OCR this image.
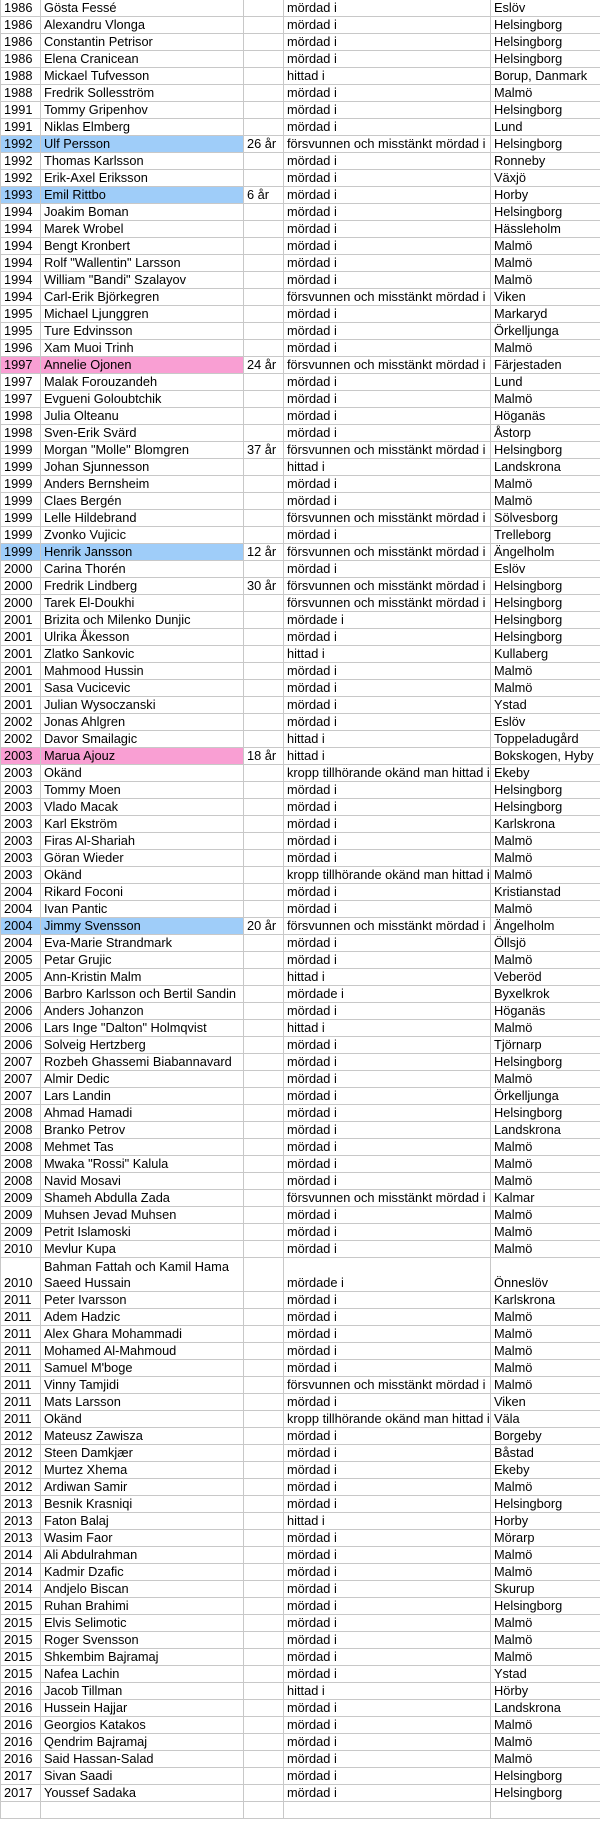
1986	Gösta Fessé		mördad i	Eslöv
1986	Alexandru Vlonga		mördad i	Helsingborg
1986	Constantin Petrisor		mördad i	Helsingborg
1986	Elena Cranicean		mördad i	Helsingborg
1988	Mickael Tufvesson		hittad i	Borup, Danmark
1988	Fredrik Sollesström		mördad i	Malmö
1991	Tommy Gripenhov		mördad i	Helsingborg
1991	Niklas Elmberg		mördad i	Lund
1992	Ulf Persson	26 år	försvunnen och misstänkt mördad i	Helsingborg
1992	Thomas Karlsson		mördad i	Ronneby
1992	Erik-Axel Eriksson		mördad i	Växjö
1993	Emil Rittbo	6 år	mördad i	Horby
1994	Joakim Boman		mördad i	Helsingborg
1994	Marek Wrobel		mördad i	Hässleholm
1994	Bengt Kronbert		mördad i	Malmö
1994	Rolf "Wallentin" Larsson		mördad i	Malmö
1994	William "Bandi" Szalayov		mördad i	Malmö
1994	Carl-Erik Björkegren		försvunnen och misstänkt mördad i	Viken
1995	Michael Ljunggren		mördad i	Markaryd
1995	Ture Edvinsson		mördad i	Örkelljunga
1996	Xam Muoi Trinh		mördad i	Malmö
1997	Annelie Ojonen	24 år	försvunnen och misstänkt mördad i	Färjestaden
1997	Malak Forouzandeh		mördad i	Lund
1997	Evgueni Goloubtchik		mördad i	Malmö
1998	Julia Olteanu		mördad i	Höganäs
1998	Sven-Erik Svärd		mördad i	Åstorp
1999	Morgan "Molle" Blomgren	37 år	försvunnen och misstänkt mördad i	Helsingborg
1999	Johan Sjunnesson		hittad i	Landskrona
1999	Anders Bernsheim		mördad i	Malmö
1999	Claes Bergén		mördad i	Malmö
1999	Lelle Hildebrand		försvunnen och misstänkt mördad i	Sölvesborg
1999	Zvonko Vujicic		mördad i	Trelleborg
1999	Henrik Jansson	12 år	försvunnen och misstänkt mördad i	Ängelholm
2000	Carina Thorén		mördad i	Eslöv
2000	Fredrik Lindberg	30 år	försvunnen och misstänkt mördad i	Helsingborg
2000	Tarek El-Doukhi		försvunnen och misstänkt mördad i	Helsingborg
2001	Brizita och Milenko Dunjic		mördade i	Helsingborg
2001	Ulrika Åkesson		mördad i	Helsingborg
2001	Zlatko Sankovic		hittad i	Kullaberg
2001	Mahmood Hussin		mördad i	Malmö
2001	Sasa Vucicevic		mördad i	Malmö
2001	Julian Wysoczanski		mördad i	Ystad
2002	Jonas Ahlgren		mördad i	Eslöv
2002	Davor Smailagic		hittad i	Toppeladugård
2003	Marua Ajouz	18 år	hittad i	Bokskogen, Hyby
2003	Okänd		kropp tillhörande okänd man hittad i	Ekeby
2003	Tommy Moen		mördad i	Helsingborg
2003	Vlado Macak		mördad i	Helsingborg
2003	Karl Ekström		mördad i	Karlskrona
2003	Firas Al-Shariah		mördad i	Malmö
2003	Göran Wieder		mördad i	Malmö
2003	Okänd		kropp tillhörande okänd man hittad i	Malmö
2004	Rikard Foconi		mördad i	Kristianstad
2004	Ivan Pantic		mördad i	Malmö
2004	Jimmy Svensson	20 år	försvunnen och misstänkt mördad i	Ängelholm
2004	Eva-Marie Strandmark		mördad i	Öllsjö
2005	Petar Grujic		mördad i	Malmö
2005	Ann-Kristin Malm		hittad i	Veberöd
2006	Barbro Karlsson och Bertil Sandin		mördade i	Byxelkrok
2006	Anders Johanzon		mördad i	Höganäs
2006	Lars Inge "Dalton" Holmqvist		hittad i	Malmö
2006	Solveig Hertzberg		mördad i	Tjörnarp
2007	Rozbeh Ghassemi Biabannavard		mördad i	Helsingborg
2007	Almir Dedic		mördad i	Malmö
2007	Lars Landin		mördad i	Örkelljunga
2008	Ahmad Hamadi		mördad i	Helsingborg
2008	Branko Petrov		mördad i	Landskrona
2008	Mehmet Tas		mördad i	Malmö
2008	Mwaka "Rossi" Kalula		mördad i	Malmö
2008	Navid Mosavi		mördad i	Malmö
2009	Shameh Abdulla Zada		försvunnen och misstänkt mördad i	Kalmar
2009	Muhsen Jevad Muhsen		mördad i	Malmö
2009	Petrit Islamoski		mördad i	Malmö
2010	Mevlur Kupa		mördad i	Malmö
2010	Bahman Fattah och Kamil Hama Saeed Hussain		mördade i	Önneslöv
2011	Peter Ivarsson		mördad i	Karlskrona
2011	Adem Hadzic		mördad i	Malmö
2011	Alex Ghara Mohammadi		mördad i	Malmö
2011	Mohamed Al-Mahmoud		mördad i	Malmö
2011	Samuel M'boge		mördad i	Malmö
2011	Vinny Tamjidi		försvunnen och misstänkt mördad i	Malmö
2011	Mats Larsson		mördad i	Viken
2011	Okänd		kropp tillhörande okänd man hittad i	Väla
2012	Mateusz Zawisza		mördad i	Borgeby
2012	Steen Damkjær		mördad i	Båstad
2012	Murtez Xhema		mördad i	Ekeby
2012	Ardiwan Samir		mördad i	Malmö
2013	Besnik Krasniqi		mördad i	Helsingborg
2013	Faton Balaj		hittad i	Horby
2013	Wasim Faor		mördad i	Mörarp
2014	Ali Abdulrahman		mördad i	Malmö
2014	Kadmir Dzafic		mördad i	Malmö
2014	Andjelo Biscan		mördad i	Skurup
2015	Ruhan Brahimi		mördad i	Helsingborg
2015	Elvis Selimotic		mördad i	Malmö
2015	Roger Svensson		mördad i	Malmö
2015	Shkembim Bajramaj		mördad i	Malmö
2015	Nafea Lachin		mördad i	Ystad
2016	Jacob Tillman		hittad i	Hörby
2016	Hussein Hajjar		mördad i	Landskrona
2016	Georgios Katakos		mördad i	Malmö
2016	Qendrim Bajramaj		mördad i	Malmö
2016	Said Hassan-Salad		mördad i	Malmö
2017	Sivan Saadi		mördad i	Helsingborg
2017	Youssef Sadaka		mördad i	Helsingborg
